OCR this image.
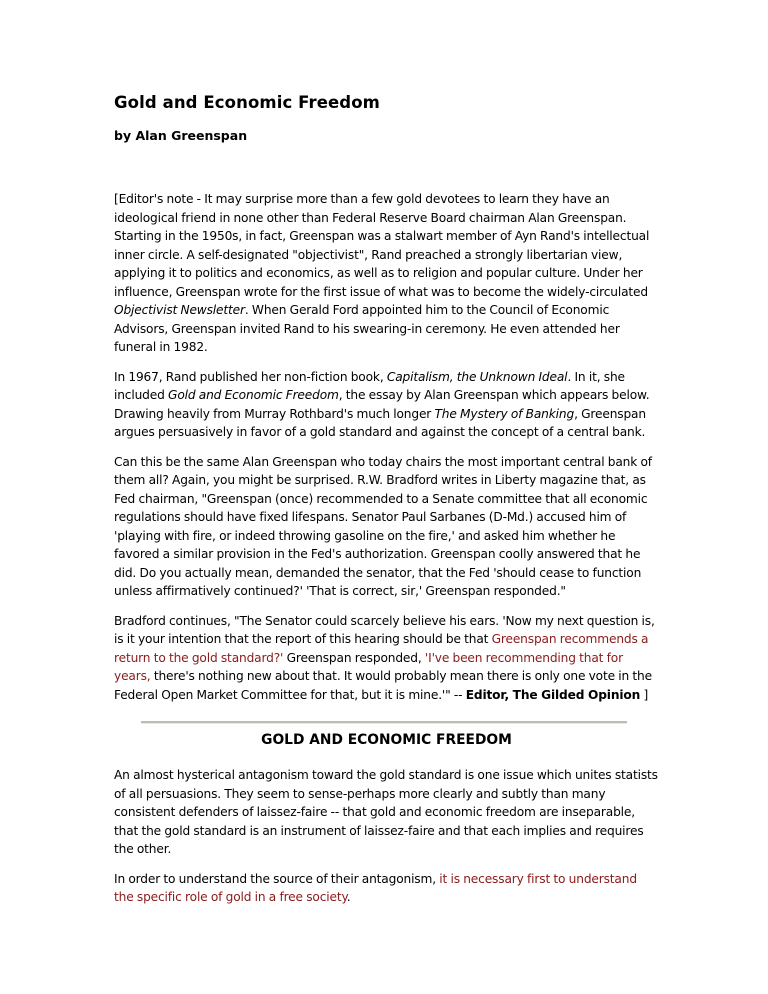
Gold and Economic Freedom
by Alan Greenspan

[Editor's note - It may surprise more than a few gold devotees to learn they have an ideological friend in none other than Federal Reserve Board chairman Alan Greenspan. Starting in the 1950s, in fact, Greenspan was a stalwart member of Ayn Rand's intellectual inner circle. A self-designated "objectivist", Rand preached a strongly libertarian view, applying it to politics and economics, as well as to religion and popular culture. Under her influence, Greenspan wrote for the first issue of what was to become the widely-circulated Objectivist Newsletter. When Gerald Ford appointed him to the Council of Economic Advisors, Greenspan invited Rand to his swearing-in ceremony. He even attended her funeral in 1982.

In 1967, Rand published her non-fiction book, Capitalism, the Unknown Ideal. In it, she included Gold and Economic Freedom, the essay by Alan Greenspan which appears below. Drawing heavily from Murray Rothbard's much longer The Mystery of Banking, Greenspan argues persuasively in favor of a gold standard and against the concept of a central bank.

Can this be the same Alan Greenspan who today chairs the most important central bank of them all? Again, you might be surprised. R.W. Bradford writes in Liberty magazine that, as Fed chairman, "Greenspan (once) recommended to a Senate committee that all economic regulations should have fixed lifespans. Senator Paul Sarbanes (D-Md.) accused him of 'playing with fire, or indeed throwing gasoline on the fire,' and asked him whether he favored a similar provision in the Fed's authorization. Greenspan coolly answered that he did. Do you actually mean, demanded the senator, that the Fed 'should cease to function unless affirmatively continued?' 'That is correct, sir,' Greenspan responded."

Bradford continues, "The Senator could scarcely believe his ears. 'Now my next question is, is it your intention that the report of this hearing should be that Greenspan recommends a return to the gold standard?' Greenspan responded, 'I've been recommending that for years, there's nothing new about that. It would probably mean there is only one vote in the Federal Open Market Committee for that, but it is mine.'" -- Editor, The Gilded Opinion ]

GOLD AND ECONOMIC FREEDOM

An almost hysterical antagonism toward the gold standard is one issue which unites statists of all persuasions. They seem to sense-perhaps more clearly and subtly than many consistent defenders of laissez-faire -- that gold and economic freedom are inseparable, that the gold standard is an instrument of laissez-faire and that each implies and requires the other.

In order to understand the source of their antagonism, it is necessary first to understand the specific role of gold in a free society.
